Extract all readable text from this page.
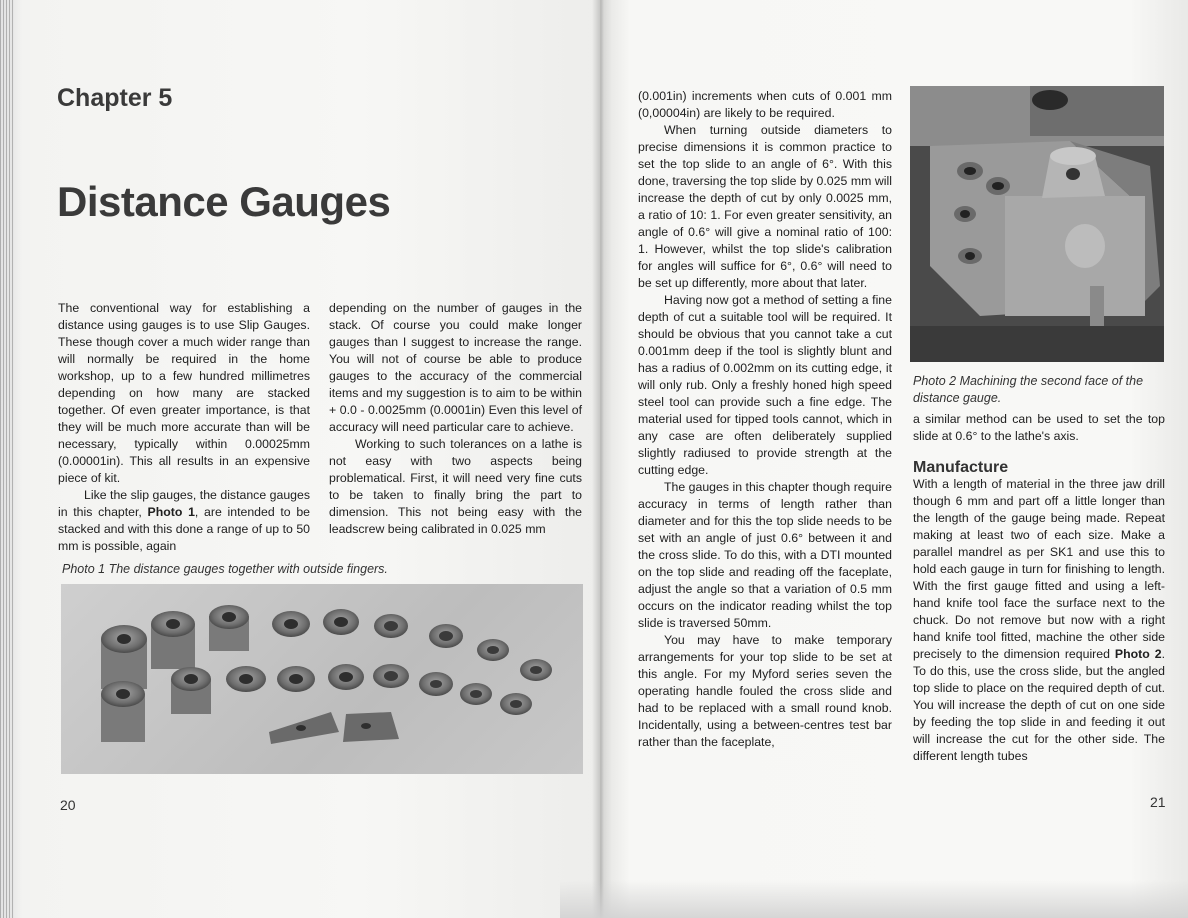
Chapter 5
Distance Gauges

The conventional way for establishing a distance using gauges is to use Slip Gauges. These though cover a much wider range than will normally be required in the home workshop, up to a few hundred millimetres depending on how many are stacked together. Of even greater importance, is that they will be much more accurate than will be necessary, typically within 0.00025mm (0.00001in). This all results in an expensive piece of kit.

Like the slip gauges, the distance gauges in this chapter, Photo 1, are intended to be stacked and with this done a range of up to 50 mm is possible, again

depending on the number of gauges in the stack. Of course you could make longer gauges than I suggest to increase the range. You will not of course be able to produce gauges to the accuracy of the commercial items and my suggestion is to aim to be within + 0.0 - 0.0025mm (0.0001in) Even this level of accuracy will need particular care to achieve.

Working to such tolerances on a lathe is not easy with two aspects being problematical. First, it will need very fine cuts to be taken to finally bring the part to dimension. This not being easy with the leadscrew being calibrated in 0.025 mm

Photo 1 The distance gauges together with outside fingers.

(0.001in) increments when cuts of 0.001 mm (0,00004in) are likely to be required.

When turning outside diameters to precise dimensions it is common practice to set the top slide to an angle of 6°. With this done, traversing the top slide by 0.025 mm will increase the depth of cut by only 0.0025 mm, a ratio of 10: 1. For even greater sensitivity, an angle of 0.6° will give a nominal ratio of 100: 1. However, whilst the top slide's calibration for angles will suffice for 6°, 0.6° will need to be set up differently, more about that later.

Having now got a method of setting a fine depth of cut a suitable tool will be required. It should be obvious that you cannot take a cut 0.001mm deep if the tool is slightly blunt and has a radius of 0.002mm on its cutting edge, it will only rub. Only a freshly honed high speed steel tool can provide such a fine edge. The material used for tipped tools cannot, which in any case are often deliberately supplied slightly radiused to provide strength at the cutting edge.

The gauges in this chapter though require accuracy in terms of length rather than diameter and for this the top slide needs to be set with an angle of just 0.6° between it and the cross slide. To do this, with a DTI mounted on the top slide and reading off the faceplate, adjust the angle so that a variation of 0.5 mm occurs on the indicator reading whilst the top slide is traversed 50mm.

You may have to make temporary arrangements for your top slide to be set at this angle. For my Myford series seven the operating handle fouled the cross slide and had to be replaced with a small round knob. Incidentally, using a between-centres test bar rather than the faceplate,

Photo 2 Machining the second face of the distance gauge.

a similar method can be used to set the top slide at 0.6° to the lathe's axis.

With a length of material in the three jaw drill though 6 mm and part off a little longer than the length of the gauge being made. Repeat making at least two of each size. Make a parallel mandrel as per SK1 and use this to hold each gauge in turn for finishing to length. With the first gauge fitted and using a left-hand knife tool face the surface next to the chuck. Do not remove but now with a right hand knife tool fitted, machine the other side precisely to the dimension required Photo 2. To do this, use the cross slide, but the angled top slide to place on the required depth of cut. You will increase the depth of cut on one side by feeding the top slide in and feeding it out will increase the cut for the other side. The different length tubes

Manufacture
20	21
